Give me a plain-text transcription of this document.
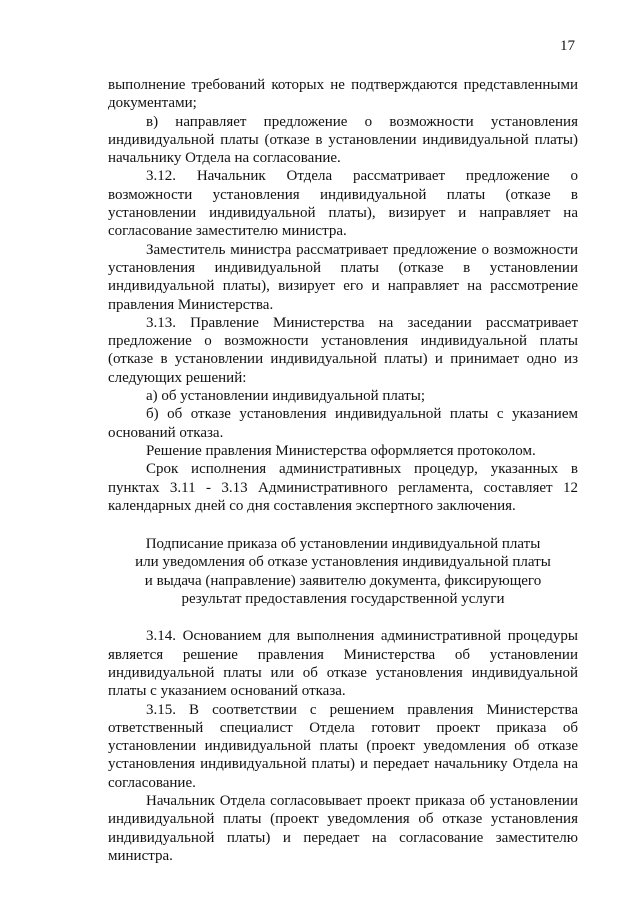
17

выполнение требований которых не подтверждаются представленными документами;

в) направляет предложение о возможности установления индивидуальной платы (отказе в установлении индивидуальной платы) начальнику Отдела на согласование.

3.12. Начальник Отдела рассматривает предложение о возможности установления индивидуальной платы (отказе в установлении индивидуальной платы), визирует и направляет на согласование заместителю министра.

Заместитель министра рассматривает предложение о возможности установления индивидуальной платы (отказе в установлении индивидуальной платы), визирует его и направляет на рассмотрение правления Министерства.

3.13. Правление Министерства на заседании рассматривает предложение о возможности установления индивидуальной платы (отказе в установлении индивидуальной платы) и принимает одно из следующих решений:

а) об установлении индивидуальной платы;

б) об отказе установления индивидуальной платы с указанием оснований отказа.

Решение правления Министерства оформляется протоколом.

Срок исполнения административных процедур, указанных в пунктах 3.11 - 3.13 Административного регламента, составляет 12 календарных дней со дня составления экспертного заключения.

Подписание приказа об установлении индивидуальной платы
или уведомления об отказе установления индивидуальной платы
и выдача (направление) заявителю документа, фиксирующего
результат предоставления государственной услуги

3.14. Основанием для выполнения административной процедуры является решение правления Министерства об установлении индивидуальной платы или об отказе установления индивидуальной платы с указанием оснований отказа.

3.15. В соответствии с решением правления Министерства ответственный специалист Отдела готовит проект приказа об установлении индивидуальной платы (проект уведомления об отказе установления индивидуальной платы) и передает начальнику Отдела на согласование.

Начальник Отдела согласовывает проект приказа об установлении индивидуальной платы (проект уведомления об отказе установления индивидуальной платы) и передает на согласование заместителю министра.
